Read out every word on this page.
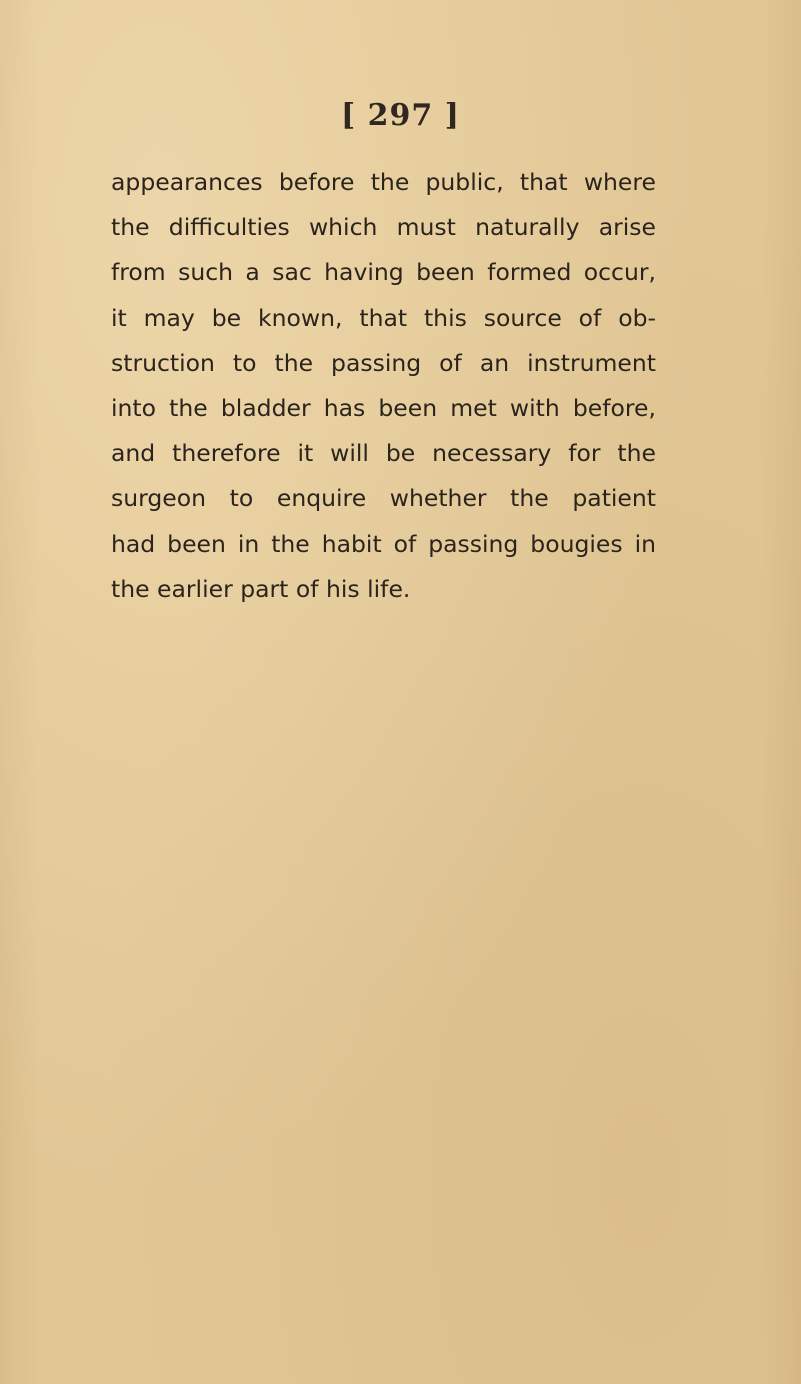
[ 297 ]
appearances before the public, that where
the difficulties which must naturally arise
from such a sac having been formed occur,
it may be known, that this source of ob-
struction to the passing of an instrument
into the bladder has been met with before,
and therefore it will be necessary for the
surgeon to enquire whether the patient
had been in the habit of passing bougies in
the earlier part of his life.
